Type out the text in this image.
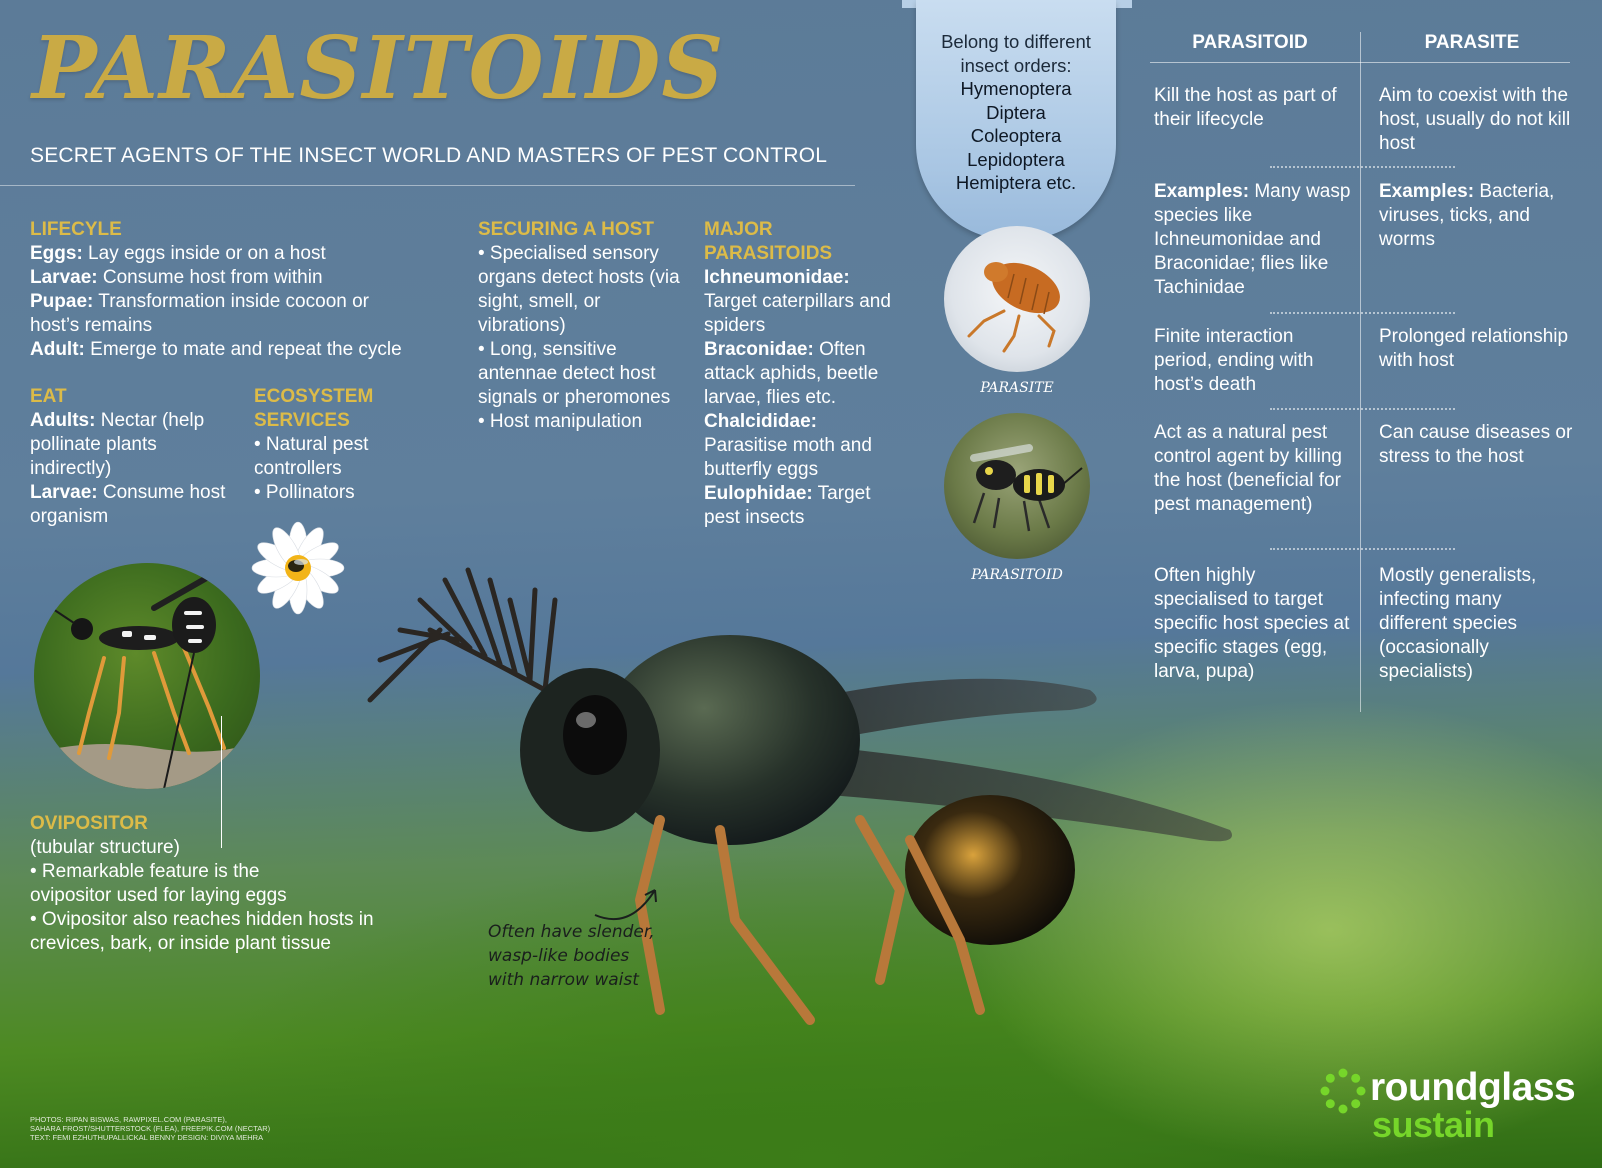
PARASITOIDS
SECRET AGENTS OF THE INSECT WORLD AND MASTERS OF PEST CONTROL
LIFECYLE
Eggs: Lay eggs inside or on a host
Larvae: Consume host from within
Pupae: Transformation inside cocoon or host’s remains
Adult: Emerge to mate and repeat the cycle
EAT
Adults: Nectar (help pollinate plants indirectly)
Larvae: Consume host organism
ECOSYSTEM SERVICES
• Natural pest controllers
• Pollinators
OVIPOSITOR
(tubular structure)
• Remarkable feature is the ovipositor used for laying eggs
• Ovipositor also reaches hidden hosts in crevices, bark, or inside plant tissue
SECURING A HOST
• Specialised sensory organs detect hosts (via sight, smell, or vibrations)
• Long, sensitive antennae detect host signals or pheromones
• Host manipulation
MAJOR PARASITOIDS
Ichneumonidae: Target caterpillars and spiders
Braconidae: Often attack aphids, beetle larvae, flies etc.
Chalcididae: Parasitise moth and butterfly eggs
Eulophidae: Target pest insects
Belong to different insect orders:
Hymenoptera
Diptera
Coleoptera
Lepidoptera
Hemiptera etc.
PARASITE
PARASITOID
PARASITOID	PARASITE
Kill the host as part of their lifecycle
Aim to coexist with the host, usually do not kill host
Examples: Many wasp species like Ichneumonidae and Braconidae; flies like Tachinidae
Examples: Bacteria, viruses, ticks, and worms
Finite interaction period, ending with host’s death
Prolonged relationship with host
Act as a natural pest control agent by killing the host (beneficial for pest management)
Can cause diseases or stress to the host
Often highly specialised to target specific host species at specific stages (egg, larva, pupa)
Mostly generalists, infecting many different species (occasionally specialists)
Often have slender, wasp-like bodies with narrow waist
PHOTOS: RIPAN BISWAS, RAWPIXEL.COM (PARASITE),
SAHARA FROST/SHUTTERSTOCK (FLEA), FREEPIK.COM (NECTAR)
TEXT: FEMI EZHUTHUPALLICKAL BENNY DESIGN: DIVIYA MEHRA
roundglass
sustain
